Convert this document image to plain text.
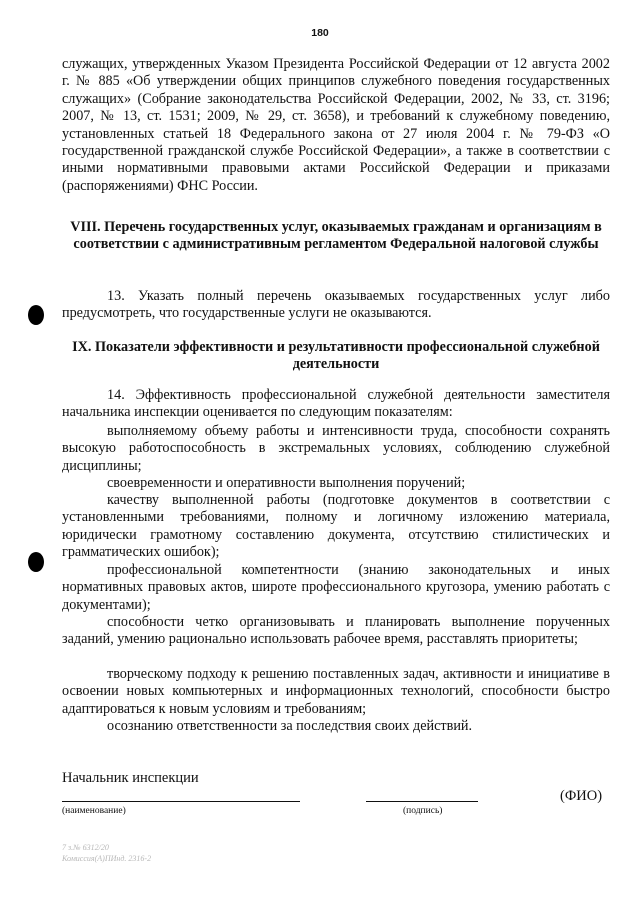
180

служащих, утвержденных Указом Президента Российской Федерации от 12 августа 2002 г. № 885 «Об утверждении общих принципов служебного поведения государственных служащих» (Собрание законодательства Российской Федерации, 2002, № 33, ст. 3196; 2007, № 13, ст. 1531; 2009, № 29, ст. 3658), и требований к служебному поведению, установленных статьей 18 Федерального закона от 27 июля 2004 г. № 79-ФЗ «О государственной гражданской службе Российской Федерации», а также в соответствии с иными нормативными правовыми актами Российской Федерации и приказами (распоряжениями) ФНС России.

VIII. Перечень государственных услуг, оказываемых гражданам и организациям в соответствии с административным регламентом Федеральной налоговой службы

13. Указать полный перечень оказываемых государственных услуг либо предусмотреть, что государственные услуги не оказываются.

IX. Показатели эффективности и результативности профессиональной служебной деятельности

14. Эффективность профессиональной служебной деятельности заместителя начальника инспекции оценивается по следующим показателям:

выполняемому объему работы и интенсивности труда, способности сохранять высокую работоспособность в экстремальных условиях, соблюдению служебной дисциплины;

своевременности и оперативности выполнения поручений;

качеству выполненной работы (подготовке документов в соответствии с установленными требованиями, полному и логичному изложению материала, юридически грамотному составлению документа, отсутствию стилистических и грамматических ошибок);

профессиональной компетентности (знанию законодательных и иных нормативных правовых актов, широте профессионального кругозора, умению работать с документами);

способности четко организовывать и планировать выполнение порученных заданий, умению рационально использовать рабочее время, расставлять приоритеты;

творческому подходу к решению поставленных задач, активности и инициативе в освоении новых компьютерных и информационных технологий, способности быстро адаптироваться к новым условиям и требованиям;

осознанию ответственности за последствия своих действий.

Начальник инспекции
(ФИО)
(наименование)	(подпись)
7 з.№ 6312/20
Комиссия(А)ПИнд. 2316-2
